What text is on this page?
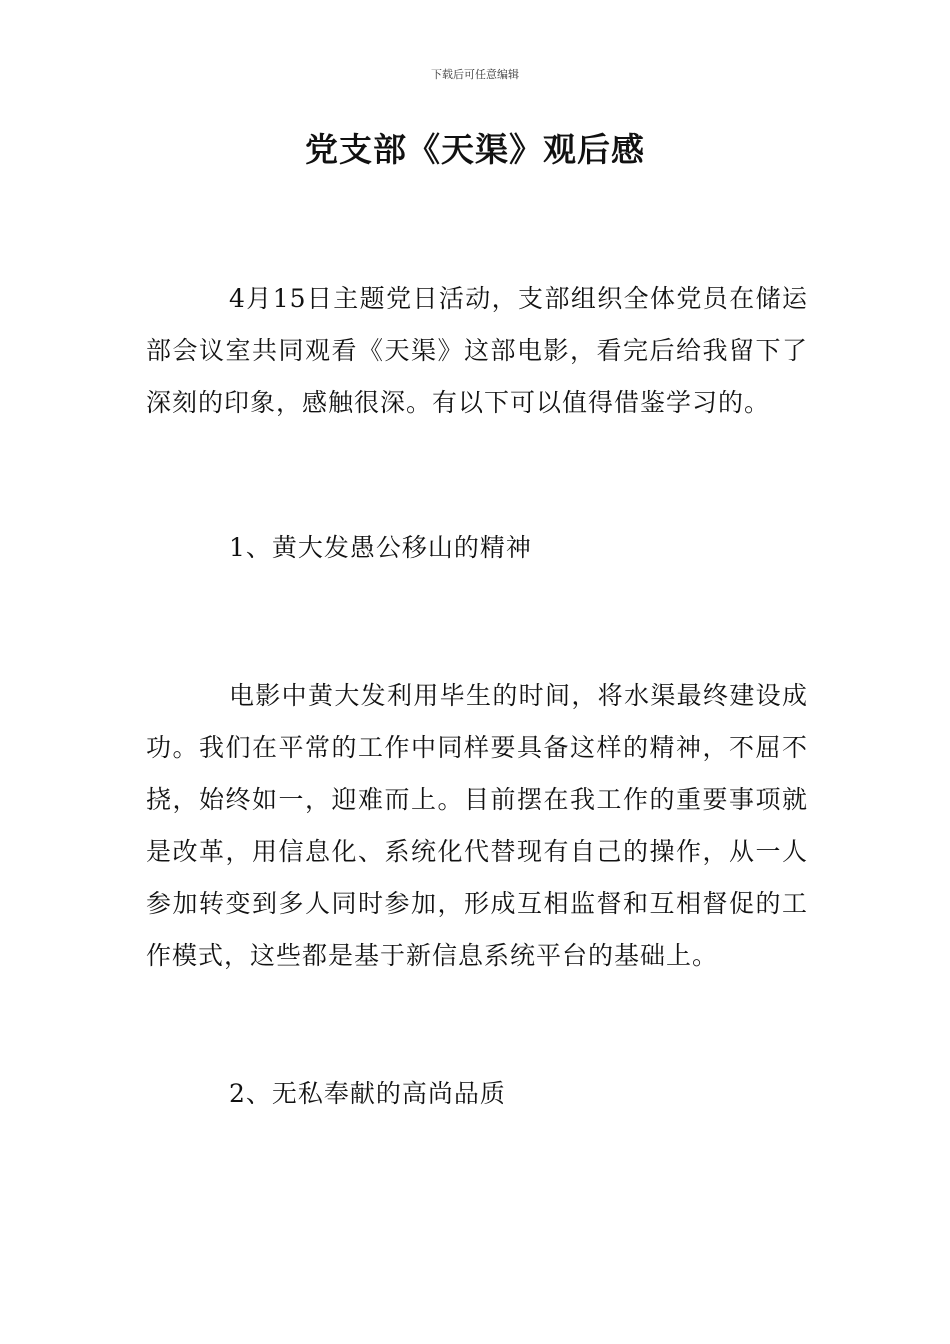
下载后可任意编辑
党支部《天渠》观后感

4月15日主题党日活动，支部组织全体党员在储运部会议室共同观看《天渠》这部电影，看完后给我留下了深刻的印象，感触很深。有以下可以值得借鉴学习的。

1、黄大发愚公移山的精神

电影中黄大发利用毕生的时间，将水渠最终建设成功。我们在平常的工作中同样要具备这样的精神，不屈不挠，始终如一，迎难而上。目前摆在我工作的重要事项就是改革，用信息化、系统化代替现有自己的操作，从一人参加转变到多人同时参加，形成互相监督和互相督促的工作模式，这些都是基于新信息系统平台的基础上。

2、无私奉献的高尚品质
